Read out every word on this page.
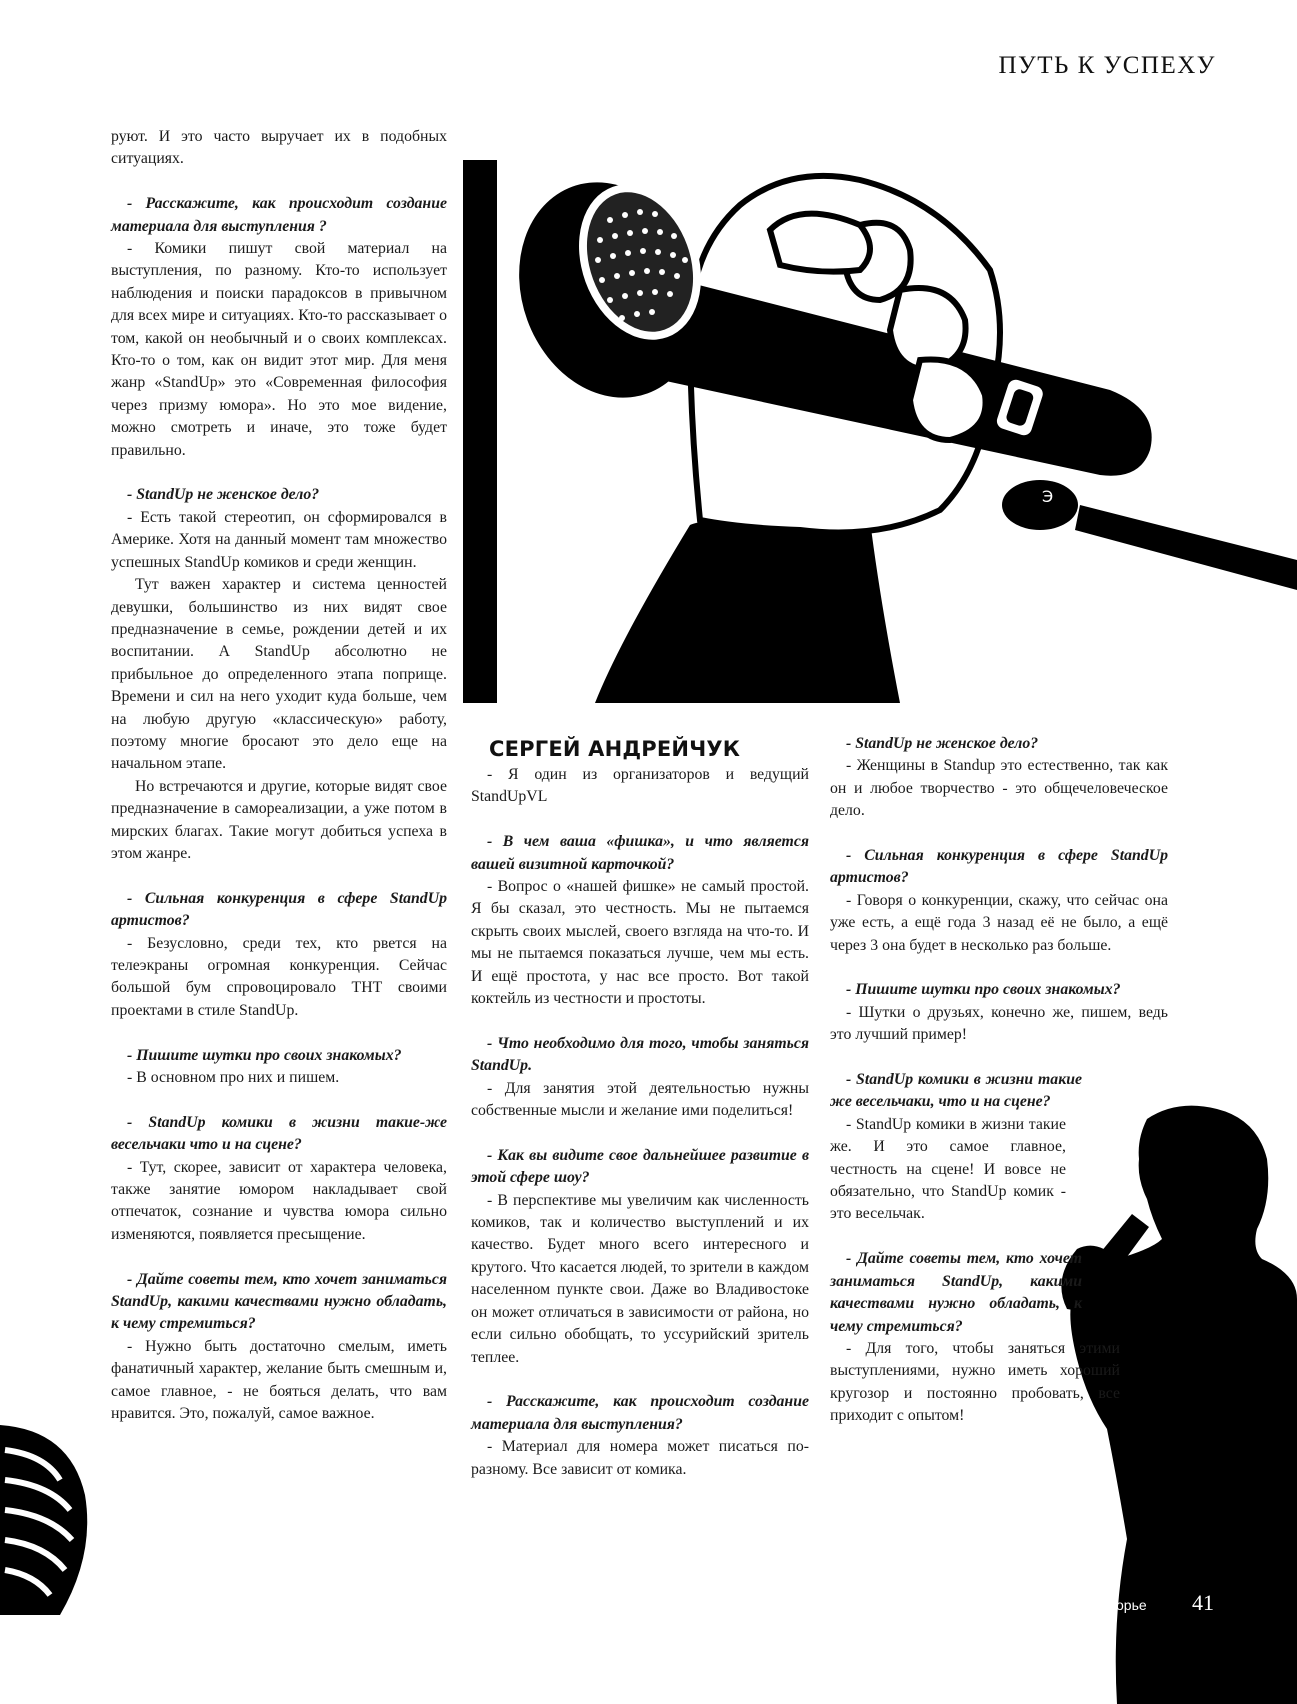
ПУТЬ К УСПЕХУ
∂
Э

руют. И это часто выручает их в подобных ситуациях.

- Расскажите, как происходит создание материала для выступления ?

- Комики пишут свой материал на выступления, по разному. Кто-то использует наблюдения и поиски парадоксов в привычном для всех мире и ситуациях. Кто-то рассказывает о том, какой он необычный и о своих комплексах. Кто-то о том, как он видит этот мир. Для меня жанр «StandUp» это «Современная философия через призму юмора». Но это мое видение, можно смотреть и иначе, это тоже будет правильно.

- StandUp не женское дело?

- Есть такой стереотип, он сформировался в Америке. Хотя на данный момент там множество успешных StandUp комиков и среди женщин.

Тут важен характер и система ценностей девушки, большинство из них видят свое предназначение в семье, рождении детей и их воспитании. А StandUp абсолютно не прибыльное до определенного этапа поприще. Времени и сил на него уходит куда больше, чем на любую другую «классическую» работу, поэтому многие бросают это дело еще на начальном этапе.

Но встречаются и другие, которые видят свое предназначение в самореализации, а уже потом в мирских благах. Такие могут добиться успеха в этом жанре.

- Сильная конкуренция в сфере StandUp артистов?

- Безусловно, среди тех, кто рвется на телеэкраны огромная конкуренция. Сейчас большой бум спровоцировало ТНТ своими проектами в стиле StandUp.

- Пишите шутки про своих знакомых?

- В основном про них и пишем.

- StandUp комики в жизни такие-же весельчаки что и на сцене?

- Тут, скорее, зависит от характера человека, также занятие юмором накладывает свой отпечаток, сознание и чувства юмора сильно изменяются, появляется пресыщение.

- Дайте советы тем, кто хочет заниматься StandUp, какими качествами нужно обладать, к чему стремиться?

- Нужно быть достаточно смелым, иметь фанатичный характер, желание быть смешным и, самое главное, - не бояться делать, что вам нравится. Это, пожалуй, самое важное.

СЕРГЕЙ АНДРЕЙЧУК

- Я один из организаторов и ведущий StandUpVL

- В чем ваша «фишка», и что является вашей визитной карточкой?

- Вопрос о «нашей фишке» не самый простой. Я бы сказал, это честность. Мы не пытаемся скрыть своих мыслей, своего взгляда на что-то. И мы не пытаемся показаться лучше, чем мы есть. И ещё простота, у нас все просто. Вот такой коктейль из честности и простоты.

- Что необходимо для того, чтобы заняться StandUp.

- Для занятия этой деятельностью нужны собственные мысли и желание ими поделиться!

- Как вы видите свое дальнейшее развитие в этой сфере шоу?

- В перспективе мы увеличим как численность комиков, так и количество выступлений и их качество. Будет много всего интересного и крутого. Что касается людей, то зрители в каждом населенном пункте свои. Даже во Владивостоке он может отличаться в зависимости от района, но если сильно обобщать, то уссурийский зритель теплее.

- Расскажите, как происходит создание материала для выступления?

- Материал для номера может писаться по-разному. Все зависит от комика.

- StandUp не женское дело?

- Женщины в Standup это естественно, так как он и любое творчество - это общечеловеческое дело.

- Сильная конкуренция в сфере StandUp артистов?

- Говоря о конкуренции, скажу, что сейчас она уже есть, а ещё года 3 назад её не было, а ещё через 3 она будет в несколько раз больше.

- Пишите шутки про своих знакомых?

- Шутки о друзьях, конечно же, пишем, ведь это лучший пример!

- StandUp комики в жизни такие же весельчаки, что и на сцене?

- StandUp комики в жизни такие же. И это самое главное, честность на сцене! И вовсе не обязательно, что StandUp комик - это весельчак.

- Дайте советы тем, кто хочет заниматься StandUp, какими качествами нужно обладать, к чему стремиться?

- Для того, чтобы заняться этими выступлениями, нужно иметь хороший кругозор и постоянно пробовать, все приходит с опытом!

орье 41
